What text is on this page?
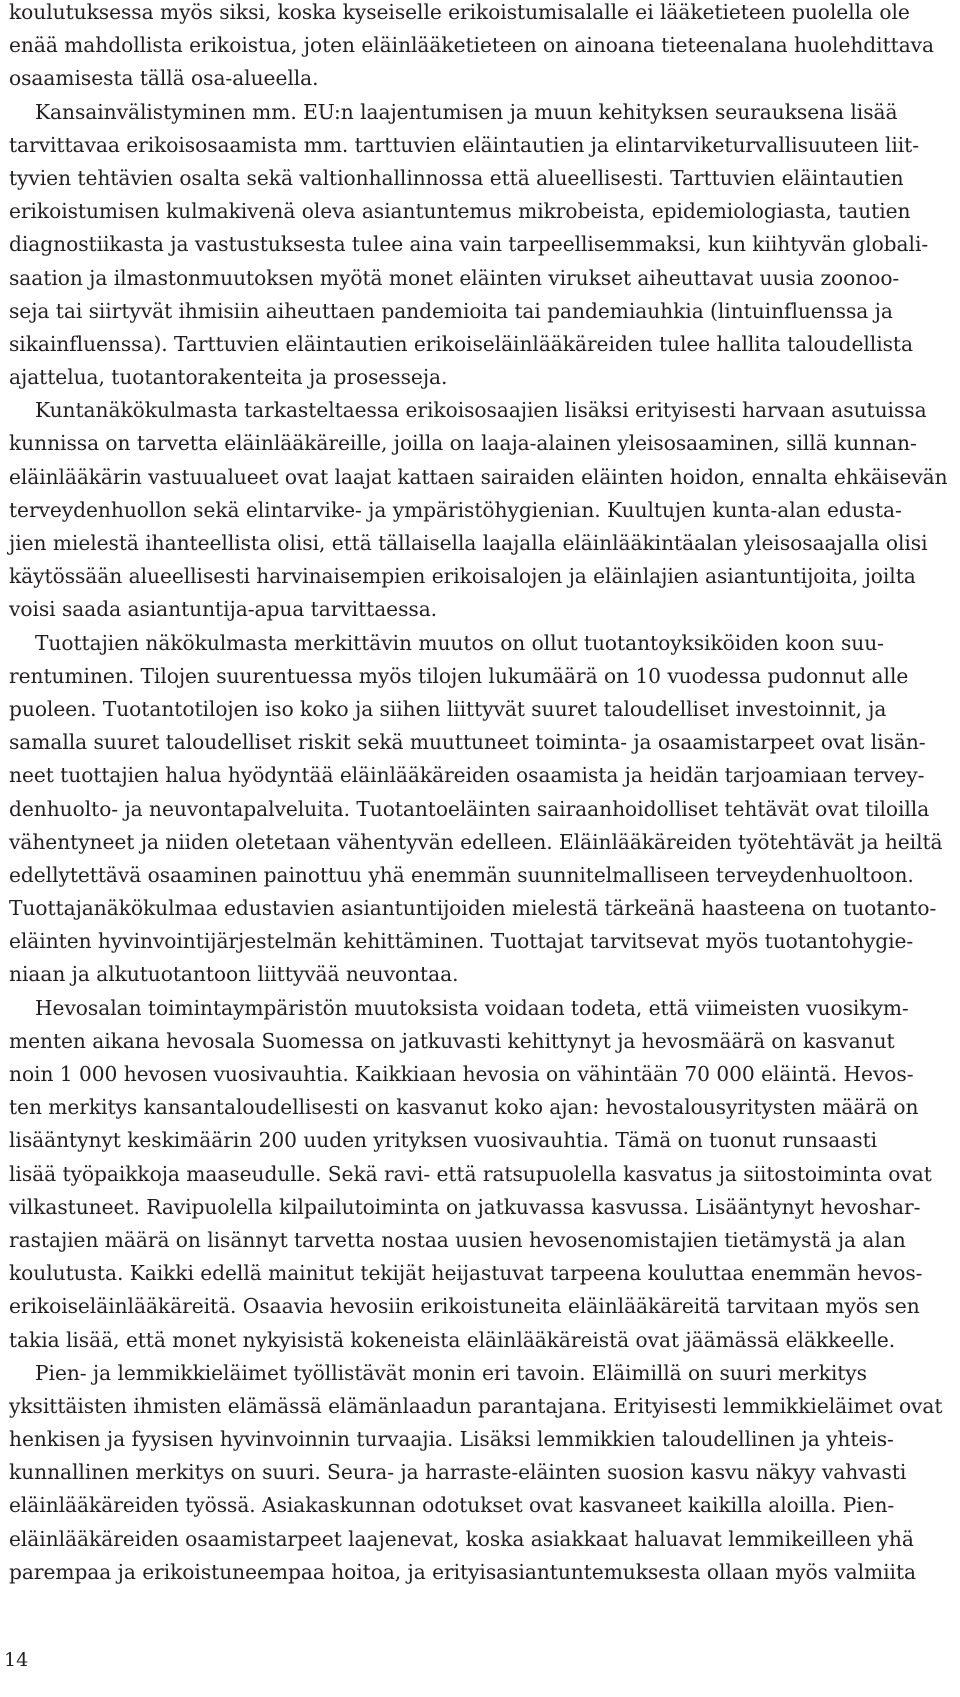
koulutuksessa myös siksi, koska kyseiselle erikoistumisalalle ei lääketieteen puolella ole
enää mahdollista erikoistua, joten eläinlääketieteen on ainoana tieteenalana huolehdittava
osaamisesta tällä osa-alueella.
Kansainvälistyminen mm. EU:n laajentumisen ja muun kehityksen seurauksena lisää
tarvittavaa erikoisosaamista mm. tarttuvien eläintautien ja elintarviketurvallisuuteen liit-
tyvien tehtävien osalta sekä valtionhallinnossa että alueellisesti. Tarttuvien eläintautien
erikoistumisen kulmakivenä oleva asiantuntemus mikrobeista, epidemiologiasta, tautien
diagnostiikasta ja vastustuksesta tulee aina vain tarpeellisemmaksi, kun kiihtyvän globali-
saation ja ilmastonmuutoksen myötä monet eläinten virukset aiheuttavat uusia zoonoo-
seja tai siirtyvät ihmisiin aiheuttaen pandemioita tai pandemiauhkia (lintuinfluenssa ja
sikainfluenssa). Tarttuvien eläintautien erikoiseläinlääkäreiden tulee hallita taloudellista
ajattelua, tuotantorakenteita ja prosesseja.
Kuntanäkökulmasta tarkasteltaessa erikoisosaajien lisäksi erityisesti harvaan asutuissa
kunnissa on tarvetta eläinlääkäreille, joilla on laaja-alainen yleisosaaminen, sillä kunnan-
eläinlääkärin vastuualueet ovat laajat kattaen sairaiden eläinten hoidon, ennalta ehkäisevän
terveydenhuollon sekä elintarvike- ja ympäristöhygienian. Kuultujen kunta-alan edusta-
jien mielestä ihanteellista olisi, että tällaisella laajalla eläinlääkintäalan yleisosaajalla olisi
käytössään alueellisesti harvinaisempien erikoisalojen ja eläinlajien asiantuntijoita, joilta
voisi saada asiantuntija-apua tarvittaessa.
Tuottajien näkökulmasta merkittävin muutos on ollut tuotantoyksiköiden koon suu-
rentuminen. Tilojen suurentuessa myös tilojen lukumäärä on 10 vuodessa pudonnut alle
puoleen. Tuotantotilojen iso koko ja siihen liittyvät suuret taloudelliset investoinnit, ja
samalla suuret taloudelliset riskit sekä muuttuneet toiminta- ja osaamistarpeet ovat lisän-
neet tuottajien halua hyödyntää eläinlääkäreiden osaamista ja heidän tarjoamiaan tervey-
denhuolto- ja neuvontapalveluita. Tuotantoeläinten sairaanhoidolliset tehtävät ovat tiloilla
vähentyneet ja niiden oletetaan vähentyvän edelleen. Eläinlääkäreiden työtehtävät ja heiltä
edellytettävä osaaminen painottuu yhä enemmän suunnitelmalliseen terveydenhuoltoon.
Tuottajanäkökulmaa edustavien asiantuntijoiden mielestä tärkeänä haasteena on tuotanto-
eläinten hyvinvointijärjestelmän kehittäminen. Tuottajat tarvitsevat myös tuotantohygie-
niaan ja alkutuotantoon liittyvää neuvontaa.
Hevosalan toimintaympäristön muutoksista voidaan todeta, että viimeisten vuosikym-
menten aikana hevosala Suomessa on jatkuvasti kehittynyt ja hevosmäärä on kasvanut
noin 1 000 hevosen vuosivauhtia. Kaikkiaan hevosia on vähintään 70 000 eläintä. Hevos-
ten merkitys kansantaloudellisesti on kasvanut koko ajan: hevostalousyritysten määrä on
lisääntynyt keskimäärin 200 uuden yrityksen vuosivauhtia. Tämä on tuonut runsaasti
lisää työpaikkoja maaseudulle. Sekä ravi- että ratsupuolella kasvatus ja siitostoiminta ovat
vilkastuneet. Ravipuolella kilpailutoiminta on jatkuvassa kasvussa. Lisääntynyt hevoshar-
rastajien määrä on lisännyt tarvetta nostaa uusien hevosenomistajien tietämystä ja alan
koulutusta. Kaikki edellä mainitut tekijät heijastuvat tarpeena kouluttaa enemmän hevos-
erikoiseläinlääkäreitä. Osaavia hevosiin erikoistuneita eläinlääkäreitä tarvitaan myös sen
takia lisää, että monet nykyisistä kokeneista eläinlääkäreistä ovat jäämässä eläkkeelle.
Pien- ja lemmikkieläimet työllistävät monin eri tavoin. Eläimillä on suuri merkitys
yksittäisten ihmisten elämässä elämänlaadun parantajana. Erityisesti lemmikkieläimet ovat
henkisen ja fyysisen hyvinvoinnin turvaajia. Lisäksi lemmikkien taloudellinen ja yhteis-
kunnallinen merkitys on suuri. Seura- ja harraste-eläinten suosion kasvu näkyy vahvasti
eläinlääkäreiden työssä. Asiakaskunnan odotukset ovat kasvaneet kaikilla aloilla. Pien-
eläinlääkäreiden osaamistarpeet laajenevat, koska asiakkaat haluavat lemmikeilleen yhä
parempaa ja erikoistuneempaa hoitoa, ja erityisasiantuntemuksesta ollaan myös valmiita
14
